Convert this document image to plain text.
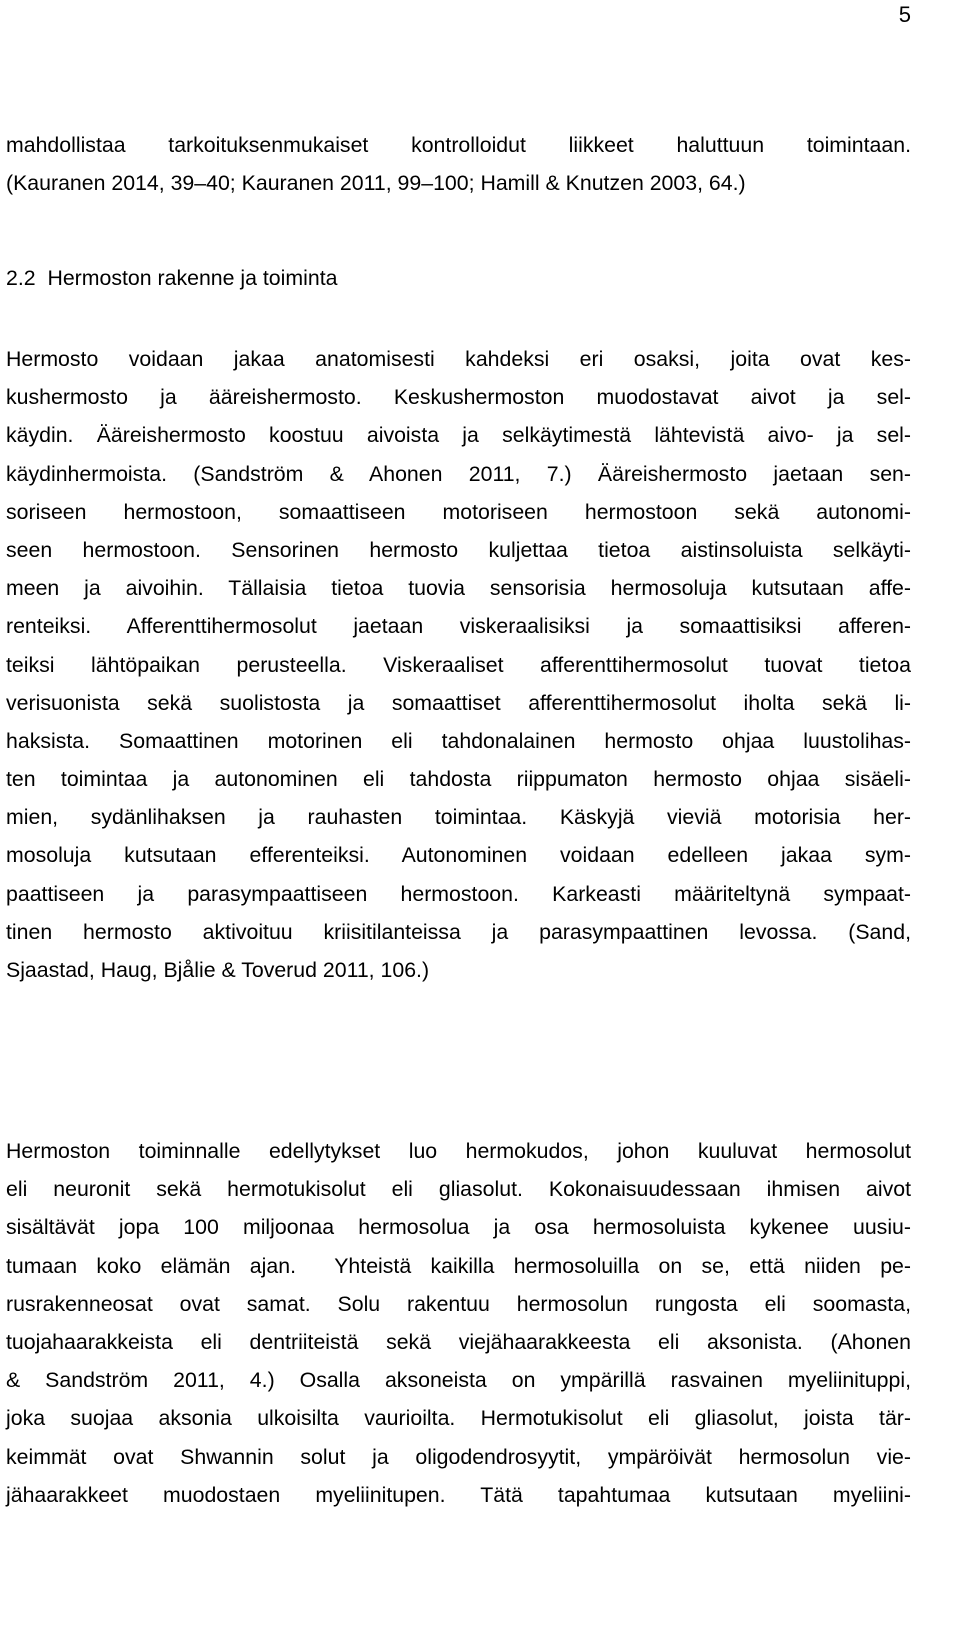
5
mahdollistaa tarkoituksenmukaiset kontrolloidut liikkeet haluttuun toimintaan.
(Kauranen 2014, 39–40; Kauranen 2011, 99–100; Hamill & Knutzen 2003, 64.)
2.2  Hermoston rakenne ja toiminta
Hermosto voidaan jakaa anatomisesti kahdeksi eri osaksi, joita ovat kes-
kushermosto ja ääreishermosto. Keskushermoston muodostavat aivot ja sel-
käydin. Ääreishermosto koostuu aivoista ja selkäytimestä lähtevistä aivo- ja sel-
käydinhermoista. (Sandström & Ahonen 2011, 7.) Ääreishermosto jaetaan sen-
soriseen hermostoon, somaattiseen motoriseen hermostoon sekä autonomi-
seen hermostoon. Sensorinen hermosto kuljettaa tietoa aistinsoluista selkäyti-
meen ja aivoihin. Tällaisia tietoa tuovia sensorisia hermosoluja kutsutaan affe-
renteiksi. Afferenttihermosolut jaetaan viskeraalisiksi ja somaattisiksi afferen-
teiksi lähtöpaikan perusteella. Viskeraaliset afferenttihermosolut tuovat tietoa
verisuonista sekä suolistosta ja somaattiset afferenttihermosolut iholta sekä li-
haksista. Somaattinen motorinen eli tahdonalainen hermosto ohjaa luustolihas-
ten toimintaa ja autonominen eli tahdosta riippumaton hermosto ohjaa sisäeli-
mien, sydänlihaksen ja rauhasten toimintaa. Käskyjä vieviä motorisia her-
mosoluja kutsutaan efferenteiksi. Autonominen voidaan edelleen jakaa sym-
paattiseen ja parasympaattiseen hermostoon. Karkeasti määriteltynä sympaat-
tinen hermosto aktivoituu kriisitilanteissa ja parasympaattinen levossa. (Sand,
Sjaastad, Haug, Bjålie & Toverud 2011, 106.)
Hermoston toiminnalle edellytykset luo hermokudos, johon kuuluvat hermosolut
eli neuronit sekä hermotukisolut eli gliasolut. Kokonaisuudessaan ihmisen aivot
sisältävät jopa 100 miljoonaa hermosolua ja osa hermosoluista kykenee uusiu-
tumaan koko elämän ajan.  Yhteistä kaikilla hermosoluilla on se, että niiden pe-
rusrakenneosat ovat samat. Solu rakentuu hermosolun rungosta eli soomasta,
tuojahaarakkeista eli dentriiteistä sekä viejähaarakkeesta eli aksonista. (Ahonen
& Sandström 2011, 4.) Osalla aksoneista on ympärillä rasvainen myeliinituppi,
joka suojaa aksonia ulkoisilta vaurioilta. Hermotukisolut eli gliasolut, joista tär-
keimmät ovat Shwannin solut ja oligodendrosyytit, ympäröivät hermosolun vie-
jähaarakkeet muodostaen myeliinitupen. Tätä tapahtumaa kutsutaan myeliini-
